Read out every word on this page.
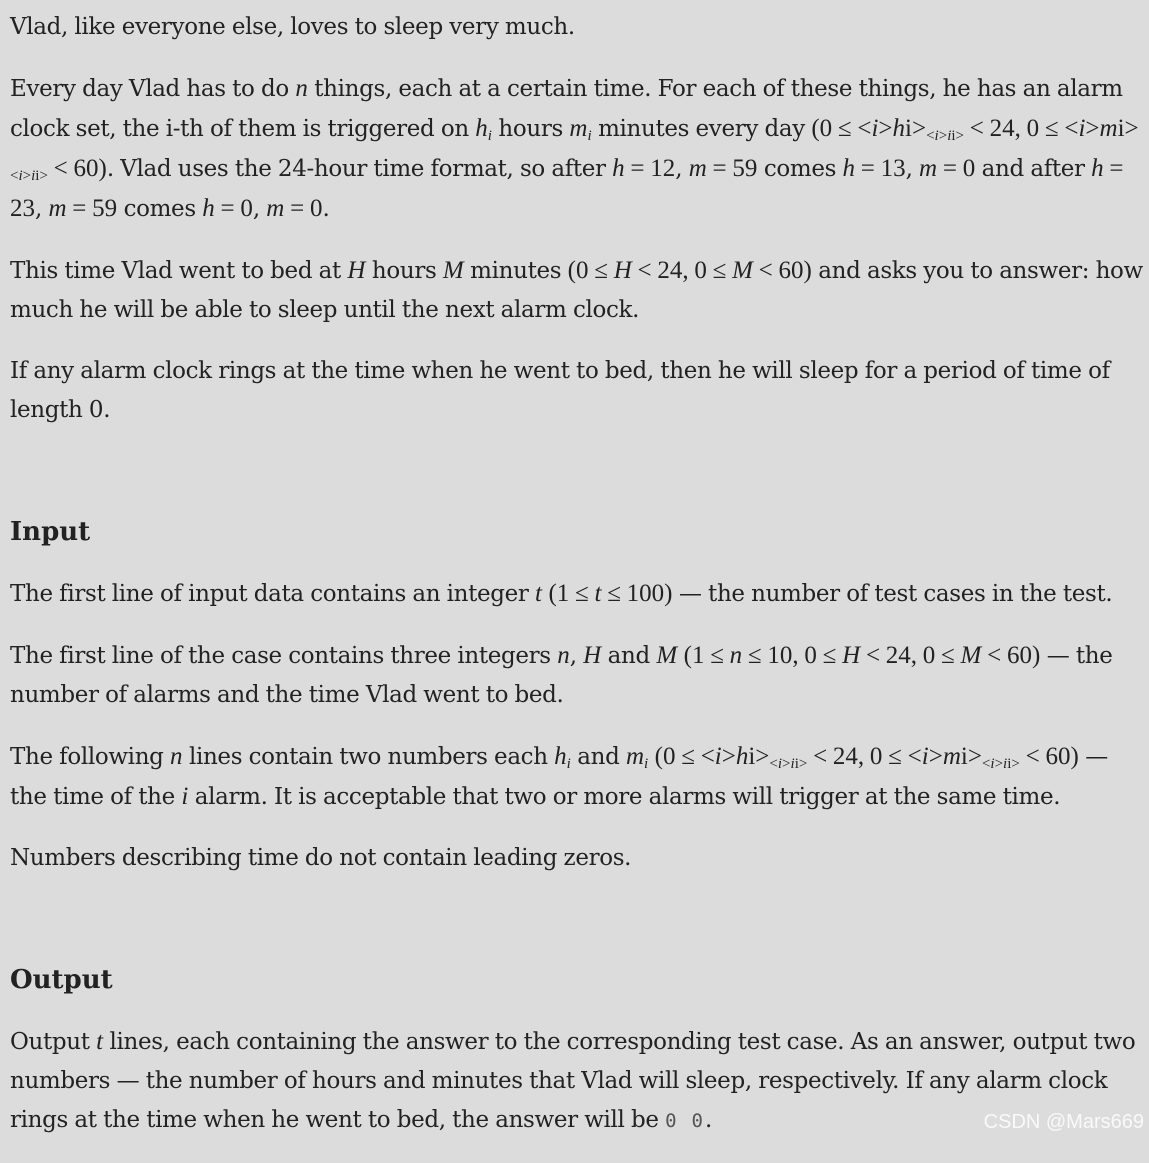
Vlad, like everyone else, loves to sleep very much.

Every day Vlad has to do n things, each at a certain time. For each of these things, he has an alarm clock set, the i-th of them is triggered on $h_i$ hours $m_i$ minutes every day ($0 \le <i>hi>_{<i>ii>} < 24$, $0 \le <i>mi>_{<i>ii>} < 60$). Vlad uses the 24-hour time format, so after h = 12, m = 59 comes h = 13, m = 0 and after h = 23, m = 59 comes h = 0, m = 0.

This time Vlad went to bed at H hours M minutes (0 ≤ H < 24, 0 ≤ M < 60) and asks you to answer: how much he will be able to sleep until the next alarm clock.

If any alarm clock rings at the time when he went to bed, then he will sleep for a period of time of length 0.

Input

The first line of input data contains an integer t (1 ≤ t ≤ 100) — the number of test cases in the test.

The first line of the case contains three integers n, H and M (1 ≤ n ≤ 10, 0 ≤ H < 24, 0 ≤ M < 60) — the number of alarms and the time Vlad went to bed.

The following n lines contain two numbers each $h_i$ and $m_i$ ($0 \le <i>hi>_{<i>ii>} < 24$, $0 \le <i>mi>_{<i>ii>} < 60$) — the time of the i alarm. It is acceptable that two or more alarms will trigger at the same time.

Numbers describing time do not contain leading zeros.

Output

Output t lines, each containing the answer to the corresponding test case. As an answer, output two numbers — the number of hours and minutes that Vlad will sleep, respectively. If any alarm clock rings at the time when he went to bed, the answer will be 0 0.	CSDN @Mars669
